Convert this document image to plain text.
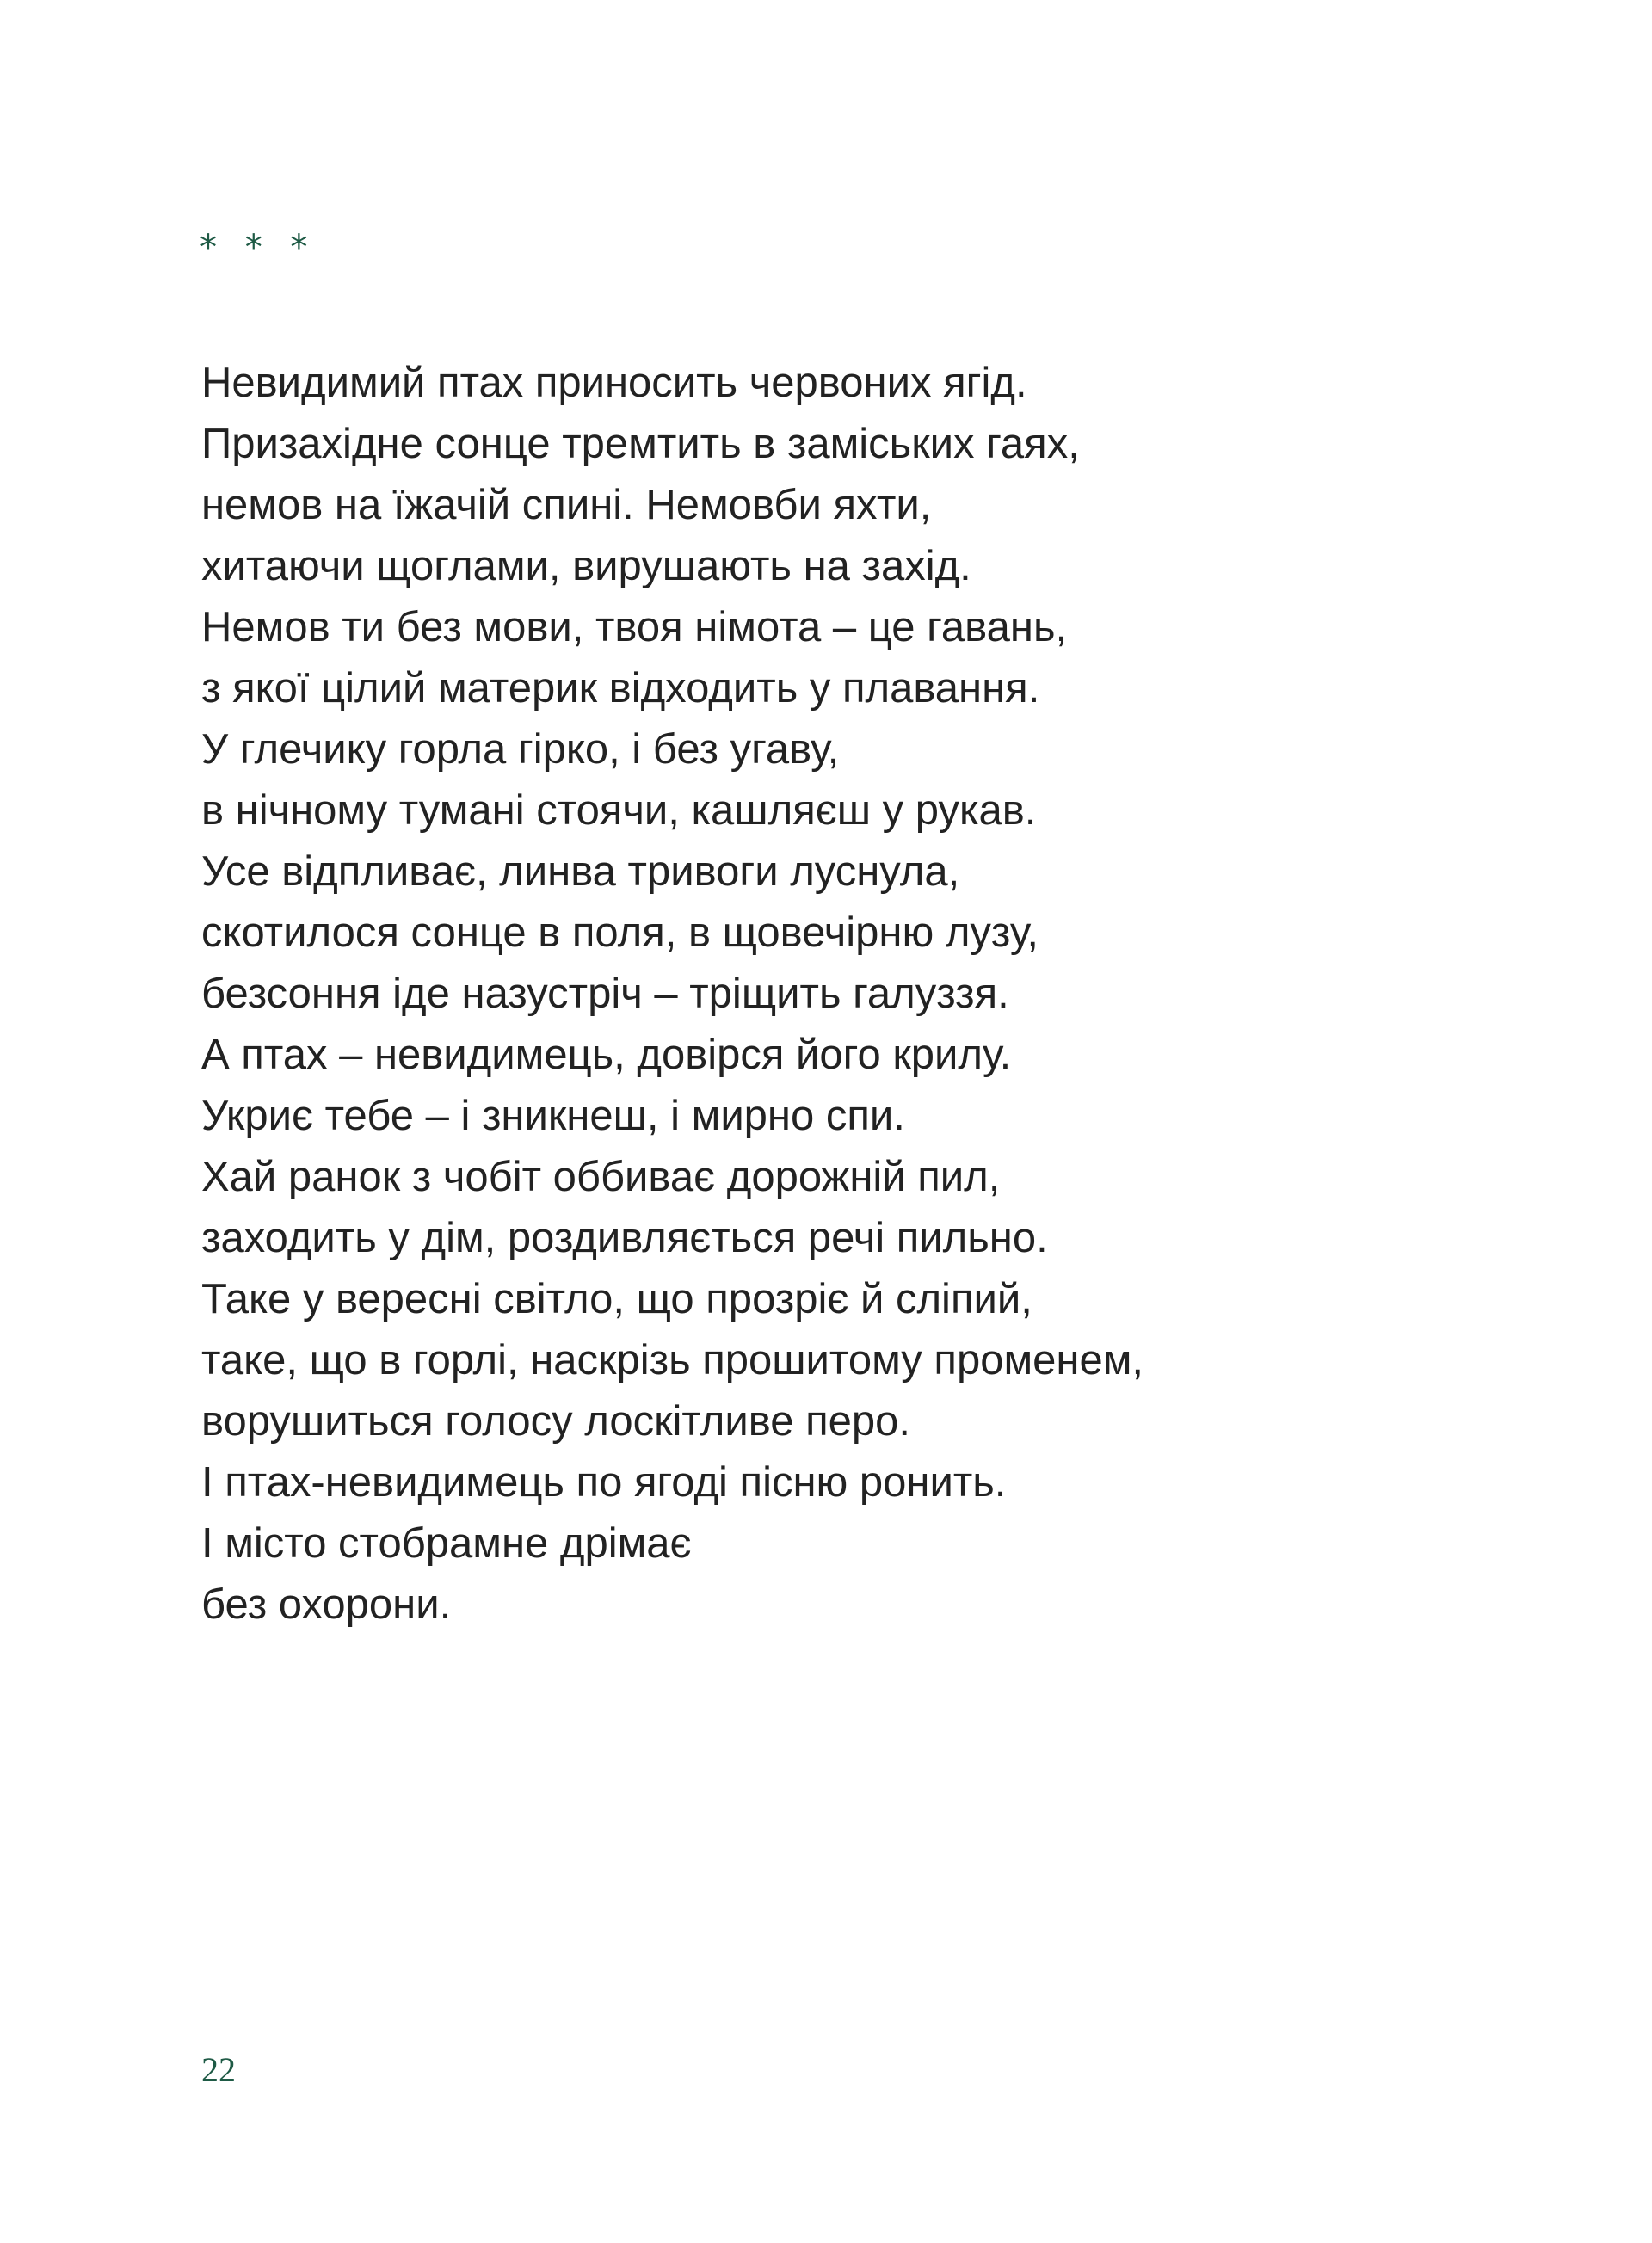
* * *
Невидимий птах приносить червоних ягід.
Призахідне сонце тремтить в заміських гаях,
немов на їжачій спині. Немовби яхти,
хитаючи щоглами, вирушають на захід.
Немов ти без мови, твоя німота – це гавань,
з якої цілий материк відходить у плавання.
У глечику горла гірко, і без угаву,
в нічному тумані стоячи, кашляєш у рукав.
Усе відпливає, линва тривоги луснула,
скотилося сонце в поля, в щовечірню лузу,
безсоння іде назустріч – тріщить галуззя.
А птах – невидимець, довірся його крилу.
Укриє тебе – і зникнеш, і мирно спи.
Хай ранок з чобіт оббиває дорожній пил,
заходить у дім, роздивляється речі пильно.
Таке у вересні світло, що прозріє й сліпий,
таке, що в горлі, наскрізь прошитому променем,
ворушиться голосу лоскітливе перо.
І птах-невидимець по ягоді пісню ронить.
І місто стобрамне дрімає
без охорони.
22
